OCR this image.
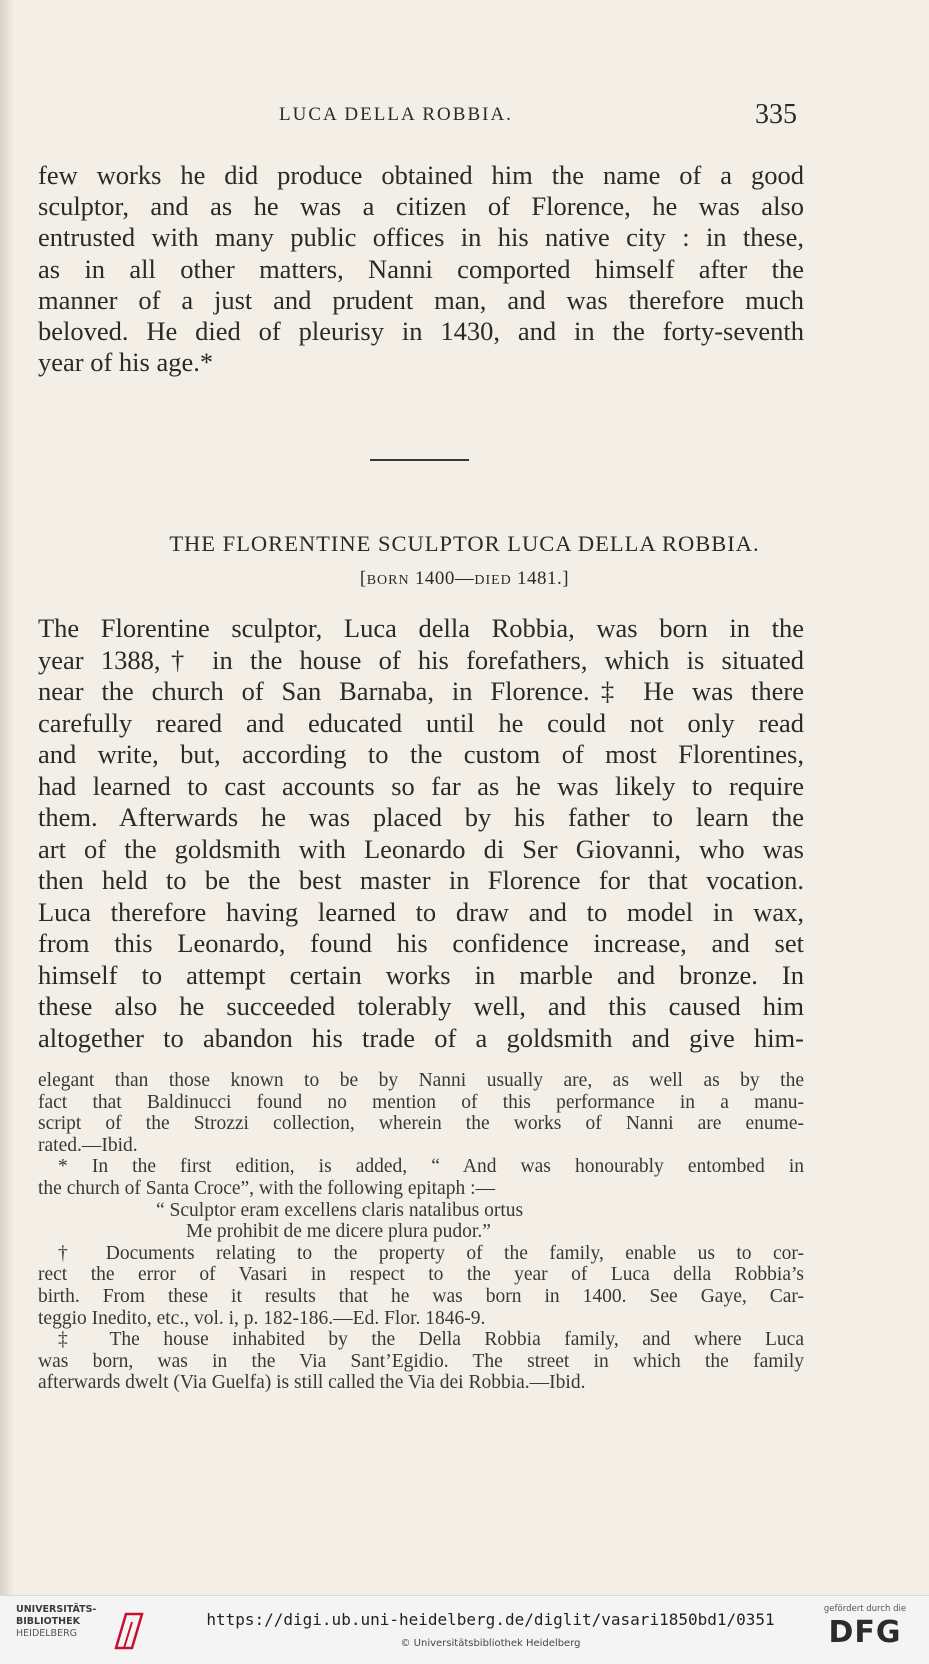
LUCA DELLA ROBBIA.	335
few works he did produce obtained him the name of a good
sculptor, and as he was a citizen of Florence, he was also
entrusted with many public offices in his native city : in these,
as in all other matters, Nanni comported himself after the
manner of a just and prudent man, and was therefore much
beloved. He died of pleurisy in 1430, and in the forty-seventh
year of his age.*
THE FLORENTINE SCULPTOR LUCA DELLA ROBBIA.
[BORN 1400—DIED 1481.]
The Florentine sculptor, Luca della Robbia, was born in the
year 1388,† in the house of his forefathers, which is situated
near the church of San Barnaba, in Florence.‡ He was there
carefully reared and educated until he could not only read
and write, but, according to the custom of most Florentines,
had learned to cast accounts so far as he was likely to require
them. Afterwards he was placed by his father to learn the
art of the goldsmith with Leonardo di Ser Giovanni, who was
then held to be the best master in Florence for that vocation.
Luca therefore having learned to draw and to model in wax,
from this Leonardo, found his confidence increase, and set
himself to attempt certain works in marble and bronze. In
these also he succeeded tolerably well, and this caused him
altogether to abandon his trade of a goldsmith and give him-
elegant than those known to be by Nanni usually are, as well as by the
fact that Baldinucci found no mention of this performance in a manu-
script of the Strozzi collection, wherein the works of Nanni are enume-
rated.—Ibid.
* In the first edition, is added, “ And was honourably entombed in
the church of Santa Croce”, with the following epitaph :—
“ Sculptor eram excellens claris natalibus ortus
Me prohibit de me dicere plura pudor.”
† Documents relating to the property of the family, enable us to cor-
rect the error of Vasari in respect to the year of Luca della Robbia’s
birth. From these it results that he was born in 1400. See Gaye, Car-
teggio Inedito, etc., vol. i, p. 182-186.—Ed. Flor. 1846-9.
‡ The house inhabited by the Della Robbia family, and where Luca
was born, was in the Via Sant’Egidio. The street in which the family
afterwards dwelt (Via Guelfa) is still called the Via dei Robbia.—Ibid.
UNIVERSITÄTS-
BIBLIOTHEK
HEIDELBERG
https://digi.ub.uni-heidelberg.de/diglit/vasari1850bd1/0351
© Universitätsbibliothek Heidelberg
gefördert durch die
DFG
